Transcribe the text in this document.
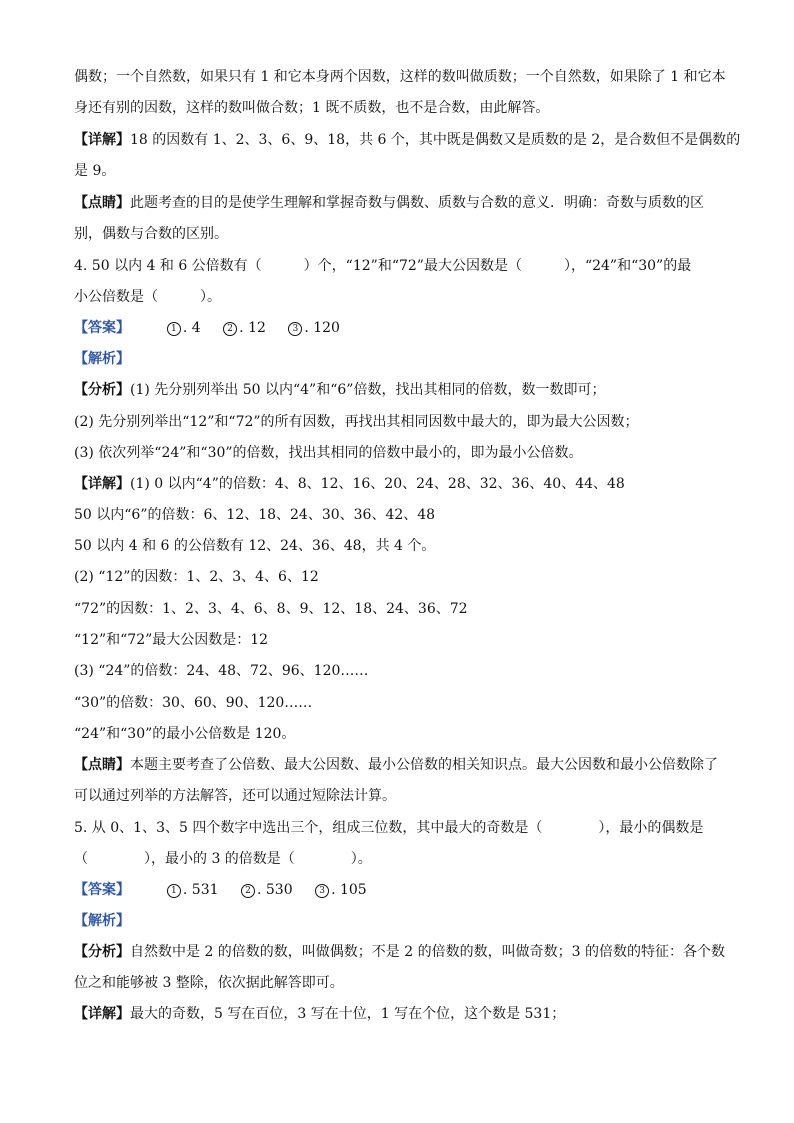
偶数；一个自然数，如果只有 1 和它本身两个因数，这样的数叫做质数；一个自然数，如果除了 1 和它本
身还有别的因数，这样的数叫做合数；1 既不质数，也不是合数，由此解答。
【详解】18 的因数有 1、2、3、6、9、18，共 6 个，其中既是偶数又是质数的是 2，是合数但不是偶数的
是 9。
【点睛】此题考查的目的是使学生理解和掌握奇数与偶数、质数与合数的意义．明确：奇数与质数的区
别，偶数与合数的区别。
4. 50 以内 4 和 6 公倍数有（　　　）个，“12”和“72”最大公因数是（　　　），“24”和“30”的最
小公倍数是（　　　）。
【答案】	1 . 4	2 . 12	3 . 120
【解析】
【分析】(1) 先分别列举出 50 以内“4”和“6”倍数，找出其相同的倍数，数一数即可；
(2) 先分别列举出“12”和“72”的所有因数，再找出其相同因数中最大的，即为最大公因数；
(3) 依次列举“24”和“30”的倍数，找出其相同的倍数中最小的，即为最小公倍数。
【详解】(1) 0 以内“4”的倍数：4、8、12、16、20、24、28、32、36、40、44、48
50 以内“6”的倍数：6、12、18、24、30、36、42、48
50 以内 4 和 6 的公倍数有 12、24、36、48，共 4 个。
(2) “12”的因数：1、2、3、4、6、12
“72”的因数：1、2、3、4、6、8、9、12、18、24、36、72
“12”和“72”最大公因数是：12
(3) “24”的倍数：24、48、72、96、120……
“30”的倍数：30、60、90、120……
“24”和“30”的最小公倍数是 120。
【点睛】本题主要考查了公倍数、最大公因数、最小公倍数的相关知识点。最大公因数和最小公倍数除了
可以通过列举的方法解答，还可以通过短除法计算。
5. 从 0、1、3、5 四个数字中选出三个，组成三位数，其中最大的奇数是（　　　　），最小的偶数是
（　　　　），最小的 3 的倍数是（　　　　）。
【答案】	1 . 531	2 . 530	3 . 105
【解析】
【分析】自然数中是 2 的倍数的数，叫做偶数；不是 2 的倍数的数，叫做奇数；3 的倍数的特征：各个数
位之和能够被 3 整除，依次据此解答即可。
【详解】最大的奇数，5 写在百位，3 写在十位，1 写在个位，这个数是 531；
